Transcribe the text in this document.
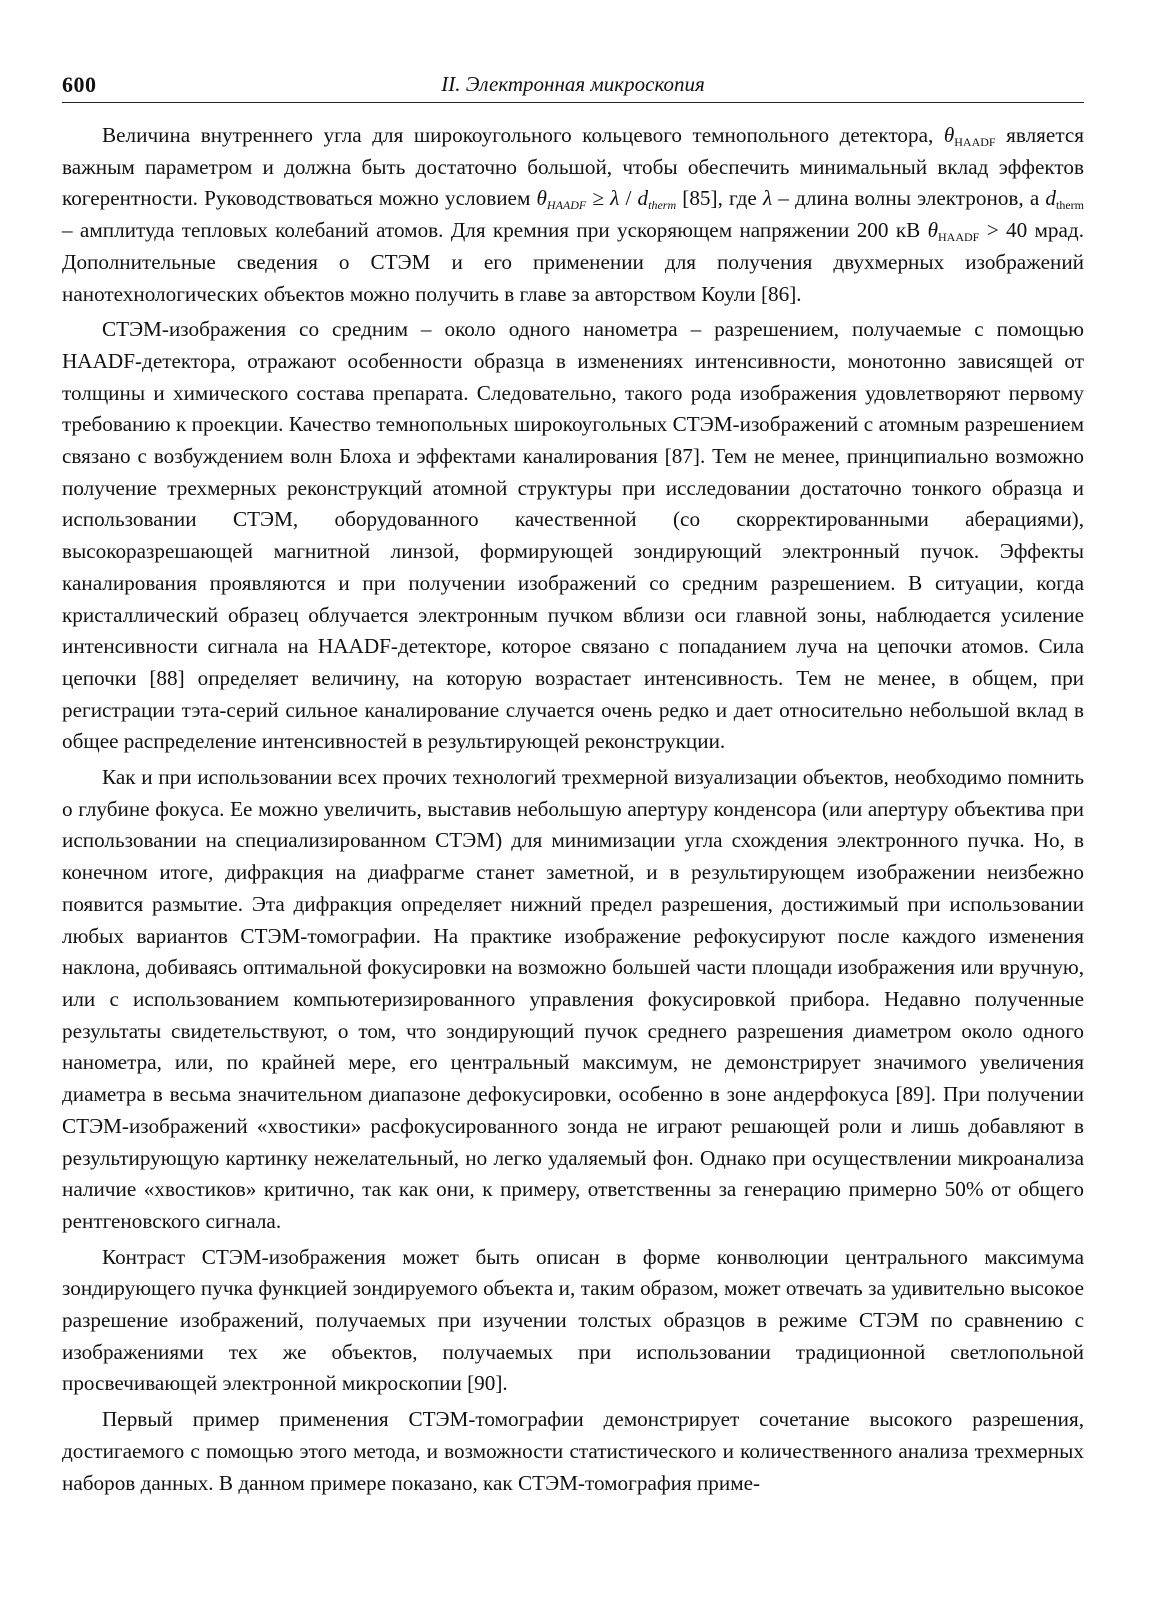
600	II. Электронная микроскопия

Величина внутреннего угла для широкоугольного кольцевого темнопольного детектора, $\theta_{HAADF}$ является важным параметром и должна быть достаточно большой, чтобы обеспечить минимальный вклад эффектов когерентности. Руководствоваться можно условием $\theta_{HAADF} \ge \lambda / d_{therm}$ [85], где λ – длина волны электронов, а $d_{therm}$ – амплитуда тепловых колебаний атомов. Для кремния при ускоряющем напряжении 200 кВ $\theta_{HAADF} > 40$ мрад. Дополнительные сведения о СТЭМ и его применении для получения двухмерных изображений нанотехнологических объектов можно получить в главе за авторством Коули [86].

СТЭМ-изображения со средним – около одного нанометра – разрешением, получаемые с помощью HAADF-детектора, отражают особенности образца в изменениях интенсивности, монотонно зависящей от толщины и химического состава препарата. Следовательно, такого рода изображения удовлетворяют первому требованию к проекции. Качество темнопольных широкоугольных СТЭМ-изображений с атомным разрешением связано с возбуждением волн Блоха и эффектами каналирования [87]. Тем не менее, принципиально возможно получение трехмерных реконструкций атомной структуры при исследовании достаточно тонкого образца и использовании СТЭМ, оборудованного качественной (со скорректированными аберациями), высокоразрешающей магнитной линзой, формирующей зондирующий электронный пучок. Эффекты каналирования проявляются и при получении изображений со средним разрешением. В ситуации, когда кристаллический образец облучается электронным пучком вблизи оси главной зоны, наблюдается усиление интенсивности сигнала на HAADF-детекторе, которое связано с попаданием луча на цепочки атомов. Сила цепочки [88] определяет величину, на которую возрастает интенсивность. Тем не менее, в общем, при регистрации тэта-серий сильное каналирование случается очень редко и дает относительно небольшой вклад в общее распределение интенсивностей в результирующей реконструкции.

Как и при использовании всех прочих технологий трехмерной визуализации объектов, необходимо помнить о глубине фокуса. Ее можно увеличить, выставив небольшую апертуру конденсора (или апертуру объектива при использовании на специализированном СТЭМ) для минимизации угла схождения электронного пучка. Но, в конечном итоге, дифракция на диафрагме станет заметной, и в результирующем изображении неизбежно появится размытие. Эта дифракция определяет нижний предел разрешения, достижимый при использовании любых вариантов СТЭМ-томографии. На практике изображение рефокусируют после каждого изменения наклона, добиваясь оптимальной фокусировки на возможно большей части площади изображения или вручную, или с использованием компьютеризированного управления фокусировкой прибора. Недавно полученные результаты свидетельствуют, о том, что зондирующий пучок среднего разрешения диаметром около одного нанометра, или, по крайней мере, его центральный максимум, не демонстрирует значимого увеличения диаметра в весьма значительном диапазоне дефокусировки, особенно в зоне андерфокуса [89]. При получении СТЭМ-изображений «хвостики» расфокусированного зонда не играют решающей роли и лишь добавляют в результирующую картинку нежелательный, но легко удаляемый фон. Однако при осуществлении микроанализа наличие «хвостиков» критично, так как они, к примеру, ответственны за генерацию примерно 50% от общего рентгеновского сигнала.

Контраст СТЭМ-изображения может быть описан в форме конволюции центрального максимума зондирующего пучка функцией зондируемого объекта и, таким образом, может отвечать за удивительно высокое разрешение изображений, получаемых при изучении толстых образцов в режиме СТЭМ по сравнению с изображениями тех же объектов, получаемых при использовании традиционной светлопольной просвечивающей электронной микроскопии [90].

Первый пример применения СТЭМ-томографии демонстрирует сочетание высокого разрешения, достигаемого с помощью этого метода, и возможности статистического и количественного анализа трехмерных наборов данных. В данном примере показано, как СТЭМ-томография приме-
